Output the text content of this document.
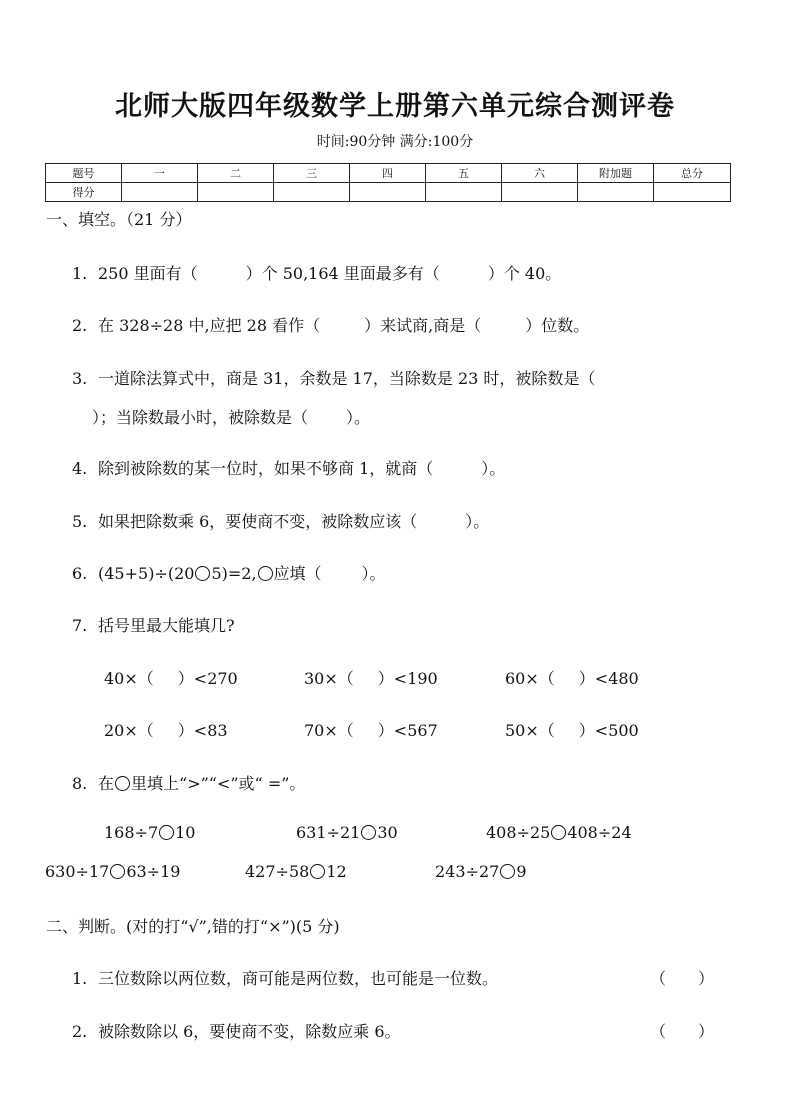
北师大版四年级数学上册第六单元综合测评卷
时间:90分钟 满分:100分
题号	一	二	三	四	五	六	附加题	总分
得分								
一、填空。（21 分）
1. 250 里面有（	）个 50,164 里面最多有（	）个 40。
2. 在 328÷28 中,应把 28 看作（	）来试商,商是（	）位数。
3. 一道除法算式中，商是 31，余数是 17，当除数是 23 时，被除数是（
）；当除数最小时，被除数是（ ）。
4. 除到被除数的某一位时，如果不够商 1，就商（	）。
5. 如果把除数乘 6，要使商不变，被除数应该（	）。
6. (45+5)÷(20 5)=2, 应填（	）。
7. 括号里最大能填几?
40×（ ）<270	30×（ ）<190	60×（ ）<480
20×（ ）<83	70×（ ）<567	50×（ ）<500
8. 在 里填上“>”“<”或“ =”。
168÷7 10	631÷21 30	408÷25 408÷24
630÷17 63÷19	427÷58 12	243÷27 9
二、判断。(对的打“√”,错的打“×”)(5 分)
1. 三位数除以两位数，商可能是两位数，也可能是一位数。	（　　）
2. 被除数除以 6，要使商不变，除数应乘 6。	（　　）
